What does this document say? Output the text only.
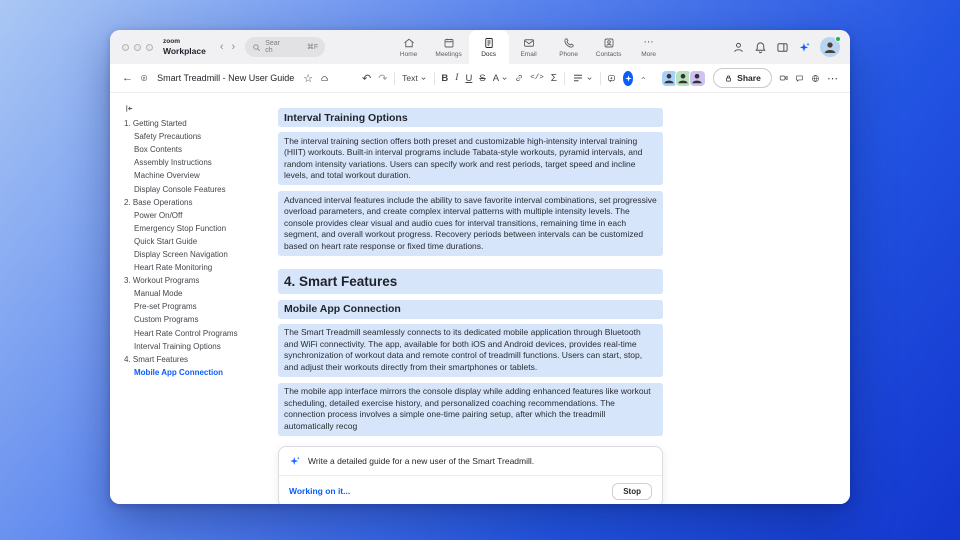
zoom
Workplace	‹ ›	Search	⌘F
Home	Meetings	Docs	Email	Phone	Contacts
⋯
More
←	Smart Treadmill - New User Guide ☆	↶ ↷ Text B I U S A	</> Σ	Share	⋯
1. Getting Started
Safety Precautions
Box Contents
Assembly Instructions
Machine Overview
Display Console Features
2. Base Operations
Power On/Off
Emergency Stop Function
Quick Start Guide
Display Screen Navigation
Heart Rate Monitoring
3. Workout Programs
Manual Mode
Pre-set Programs
Custom Programs
Heart Rate Control Programs
Interval Training Options
4. Smart Features
Mobile App Connection
Interval Training Options
The interval training section offers both preset and customizable high-intensity interval training (HIIT) workouts. Built-in interval programs include Tabata-style workouts, pyramid intervals, and random intensity variations. Users can specify work and rest periods, target speed and incline levels, and total workout duration.
Advanced interval features include the ability to save favorite interval combinations, set progressive overload parameters, and create complex interval patterns with multiple intensity levels. The console provides clear visual and audio cues for interval transitions, remaining time in each segment, and overall workout progress. Recovery periods between intervals can be customized based on heart rate response or fixed time durations.
4. Smart Features
Mobile App Connection
The Smart Treadmill seamlessly connects to its dedicated mobile application through Bluetooth and WiFi connectivity. The app, available for both iOS and Android devices, provides real-time synchronization of workout data and remote control of treadmill functions. Users can start, stop, and adjust their workouts directly from their smartphones or tablets.
The mobile app interface mirrors the console display while adding enhanced features like workout scheduling, detailed exercise history, and personalized coaching recommendations. The connection process involves a simple one-time pairing setup, after which the treadmill automatically recog
Write a detailed guide for a new user of the Smart Treadmill.
Working on it...	Stop
